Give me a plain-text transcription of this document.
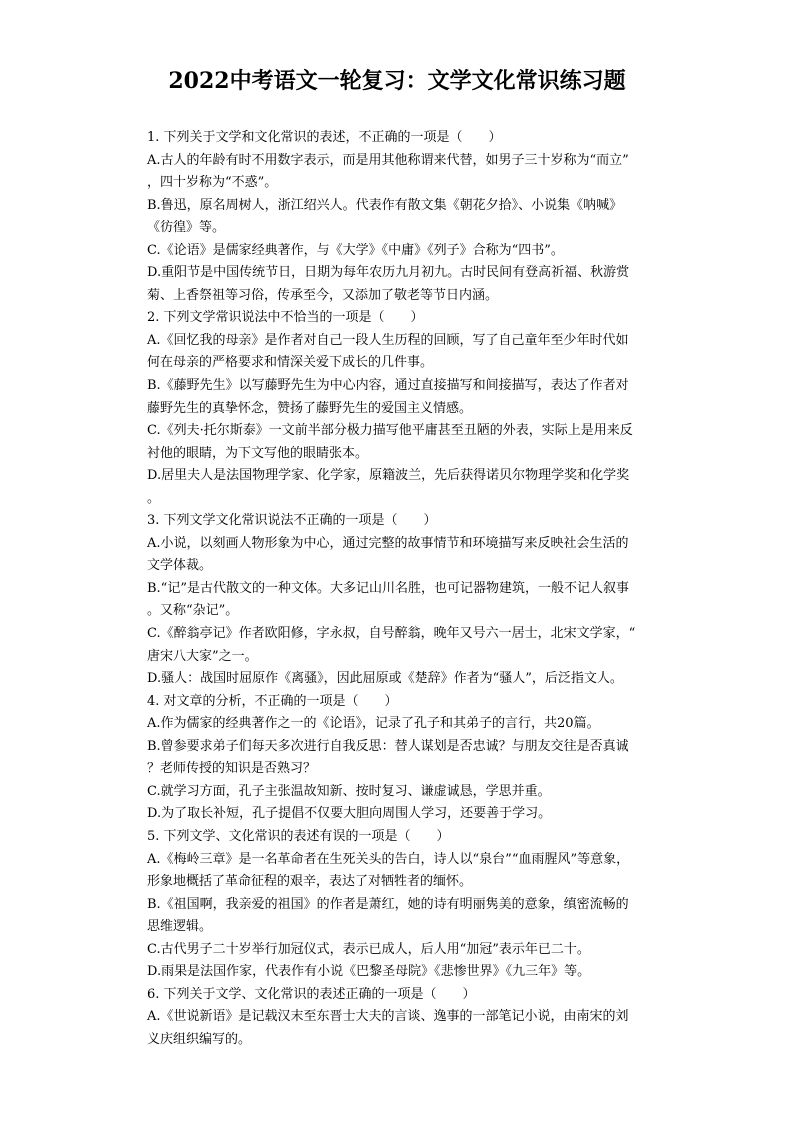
2022中考语文一轮复习：文学文化常识练习题
1. 下列关于文学和文化常识的表述，不正确的一项是（　　）
A.古人的年龄有时不用数字表示，而是用其他称谓来代替，如男子三十岁称为“而立”
，四十岁称为“不惑”。
B.鲁迅，原名周树人，浙江绍兴人。代表作有散文集《朝花夕拾》、小说集《呐喊》
《彷徨》等。
C.《论语》是儒家经典著作，与《大学》《中庸》《列子》合称为“四书”。
D.重阳节是中国传统节日，日期为每年农历九月初九。古时民间有登高祈福、秋游赏
菊、上香祭祖等习俗，传承至今，又添加了敬老等节日内涵。
2. 下列文学常识说法中不恰当的一项是（　　）
A.《回忆我的母亲》是作者对自己一段人生历程的回顾，写了自己童年至少年时代如
何在母亲的严格要求和情深关爱下成长的几件事。
B.《藤野先生》以写藤野先生为中心内容，通过直接描写和间接描写，表达了作者对
藤野先生的真挚怀念，赞扬了藤野先生的爱国主义情感。
C.《列夫·托尔斯泰》一文前半部分极力描写他平庸甚至丑陋的外表，实际上是用来反
衬他的眼睛，为下文写他的眼睛张本。
D.居里夫人是法国物理学家、化学家，原籍波兰，先后获得诺贝尔物理学奖和化学奖
。
3. 下列文学文化常识说法不正确的一项是（　　）
A.小说，以刻画人物形象为中心，通过完整的故事情节和环境描写来反映社会生活的
文学体裁。
B.“记”是古代散文的一种文体。大多记山川名胜，也可记器物建筑，一般不记人叙事
。又称“杂记”。
C.《醉翁亭记》作者欧阳修，字永叔，自号醉翁，晚年又号六一居士，北宋文学家，“
唐宋八大家”之一。
D.骚人：战国时屈原作《离骚》，因此屈原或《楚辞》作者为“骚人”，后泛指文人。
4. 对文章的分析，不正确的一项是（　　）
A.作为儒家的经典著作之一的《论语》，记录了孔子和其弟子的言行，共20篇。
B.曾参要求弟子们每天多次进行自我反思：替人谋划是否忠诚？与朋友交往是否真诚
？老师传授的知识是否熟习？
C.就学习方面，孔子主张温故知新、按时复习、谦虚诚恳，学思并重。
D.为了取长补短，孔子提倡不仅要大胆向周围人学习，还要善于学习。
5. 下列文学、文化常识的表述有误的一项是（　　）
A.《梅岭三章》是一名革命者在生死关头的告白，诗人以“泉台”“血雨腥风”等意象，
形象地概括了革命征程的艰辛，表达了对牺牲者的缅怀。
B.《祖国啊，我亲爱的祖国》的作者是萧红，她的诗有明丽隽美的意象，缜密流畅的
思维逻辑。
C.古代男子二十岁举行加冠仪式，表示已成人，后人用“加冠”表示年已二十。
D.雨果是法国作家，代表作有小说《巴黎圣母院》《悲惨世界》《九三年》等。
6. 下列关于文学、文化常识的表述正确的一项是（　　）
A.《世说新语》是记载汉末至东晋士大夫的言谈、逸事的一部笔记小说，由南宋的刘
义庆组织编写的。
